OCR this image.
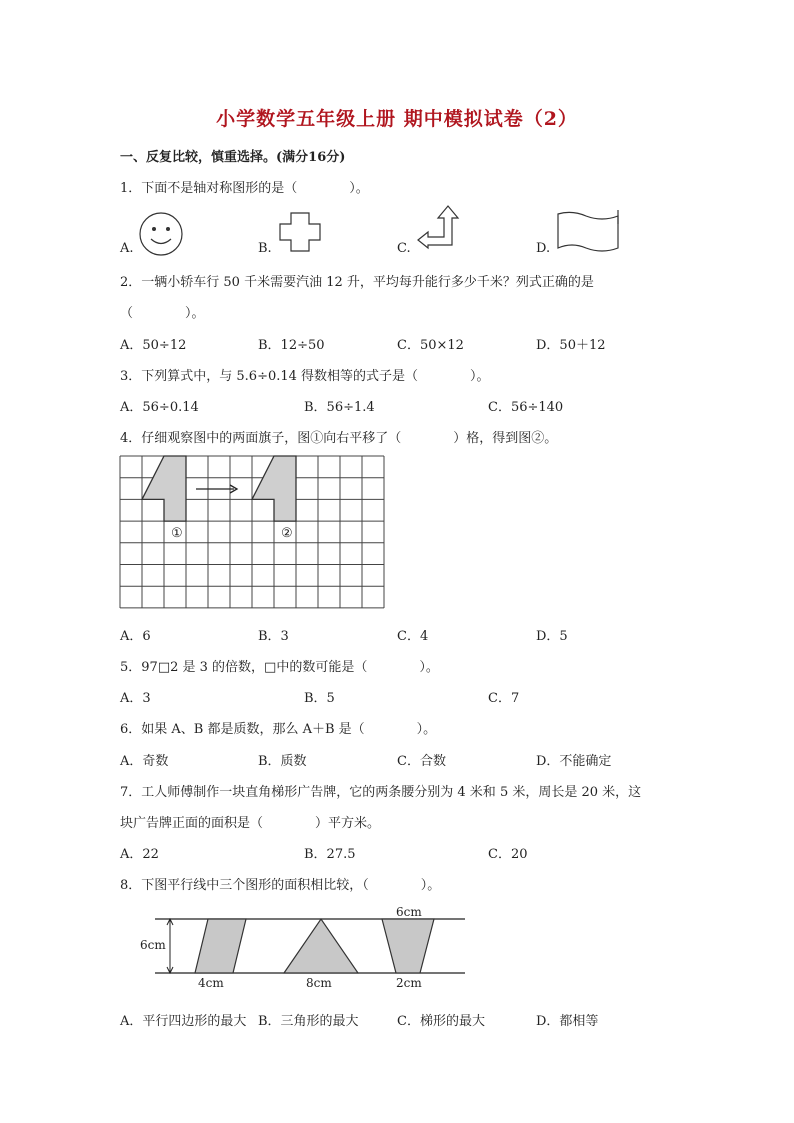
小学数学五年级上册 期中模拟试卷（2）
一、反复比较，慎重选择。(满分16分)
1．下面不是轴对称图形的是（　　　　）。
A.	B.	C.	D.
2．一辆小轿车行 50 千米需要汽油 12 升，平均每升能行多少千米？列式正确的是
（　　　　）。
A．50÷12	B．12÷50	C．50×12	D．50＋12
3．下列算式中，与 5.6÷0.14 得数相等的式子是（　　　　）。
A．56÷0.14	B．56÷1.4	C．56÷140
4．仔细观察图中的两面旗子，图①向右平移了（　　　　）格，得到图②。
①	②
A．6	B．3	C．4	D．5
5．97□2 是 3 的倍数，□中的数可能是（　　　　）。
A．3	B．5	C．7
6．如果 A、B 都是质数，那么 A＋B 是（　　　　）。
A．奇数	B．质数	C．合数	D．不能确定
7．工人师傅制作一块直角梯形广告牌，它的两条腰分别为 4 米和 5 米，周长是 20 米，这
块广告牌正面的面积是（　　　　）平方米。
A．22	B．27.5	C．20
8．下图平行线中三个图形的面积相比较，（　　　　）。
6cm
4cm	8cm
6cm
2cm
A．平行四边形的最大 B．三角形的最大	C．梯形的最大	D．都相等
